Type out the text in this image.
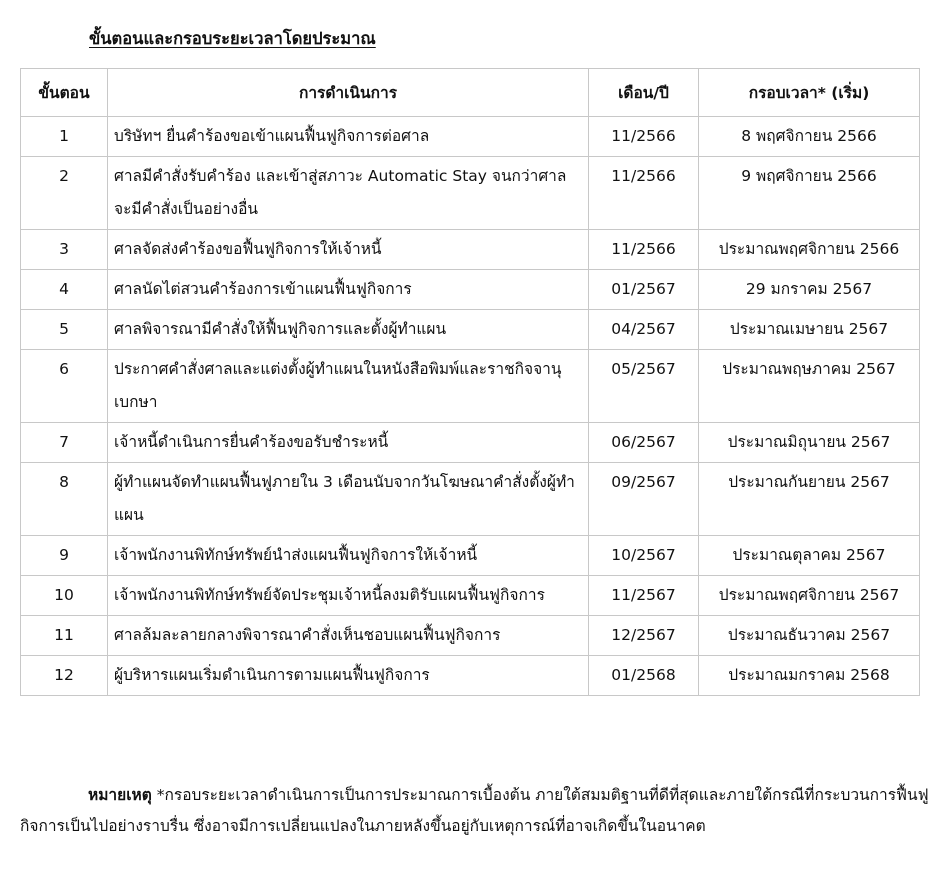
ขั้นตอนและกรอบระยะเวลาโดยประมาณ
ขั้นตอน	การดำเนินการ	เดือน/ปี	กรอบเวลา* (เริ่ม)
1	บริษัทฯ ยื่นคำร้องขอเข้าแผนฟื้นฟูกิจการต่อศาล	11/2566	8 พฤศจิกายน 2566
2	ศาลมีคำสั่งรับคำร้อง และเข้าสู่สภาวะ Automatic Stay จนกว่าศาลจะมีคำสั่งเป็นอย่างอื่น	11/2566	9 พฤศจิกายน 2566
3	ศาลจัดส่งคำร้องขอฟื้นฟูกิจการให้เจ้าหนี้	11/2566	ประมาณพฤศจิกายน 2566
4	ศาลนัดไต่สวนคำร้องการเข้าแผนฟื้นฟูกิจการ	01/2567	29 มกราคม 2567
5	ศาลพิจารณามีคำสั่งให้ฟื้นฟูกิจการและตั้งผู้ทำแผน	04/2567	ประมาณเมษายน 2567
6	ประกาศคำสั่งศาลและแต่งตั้งผู้ทำแผนในหนังสือพิมพ์และราชกิจจานุเบกษา	05/2567	ประมาณพฤษภาคม 2567
7	เจ้าหนี้ดำเนินการยื่นคำร้องขอรับชำระหนี้	06/2567	ประมาณมิถุนายน 2567
8	ผู้ทำแผนจัดทำแผนฟื้นฟูภายใน 3 เดือนนับจากวันโฆษณาคำสั่งตั้งผู้ทำแผน	09/2567	ประมาณกันยายน 2567
9	เจ้าพนักงานพิทักษ์ทรัพย์นำส่งแผนฟื้นฟูกิจการให้เจ้าหนี้	10/2567	ประมาณตุลาคม 2567
10	เจ้าพนักงานพิทักษ์ทรัพย์จัดประชุมเจ้าหนี้ลงมติรับแผนฟื้นฟูกิจการ	11/2567	ประมาณพฤศจิกายน 2567
11	ศาลล้มละลายกลางพิจารณาคำสั่งเห็นชอบแผนฟื้นฟูกิจการ	12/2567	ประมาณธันวาคม 2567
12	ผู้บริหารแผนเริ่มดำเนินการตามแผนฟื้นฟูกิจการ	01/2568	ประมาณมกราคม 2568
หมายเหตุ *กรอบระยะเวลาดำเนินการเป็นการประมาณการเบื้องต้น ภายใต้สมมติฐานที่ดีที่สุดและภายใต้กรณีที่กระบวนการฟื้นฟูกิจการเป็นไปอย่างราบรื่น ซึ่งอาจมีการเปลี่ยนแปลงในภายหลังขึ้นอยู่กับเหตุการณ์ที่อาจเกิดขึ้นในอนาคต
